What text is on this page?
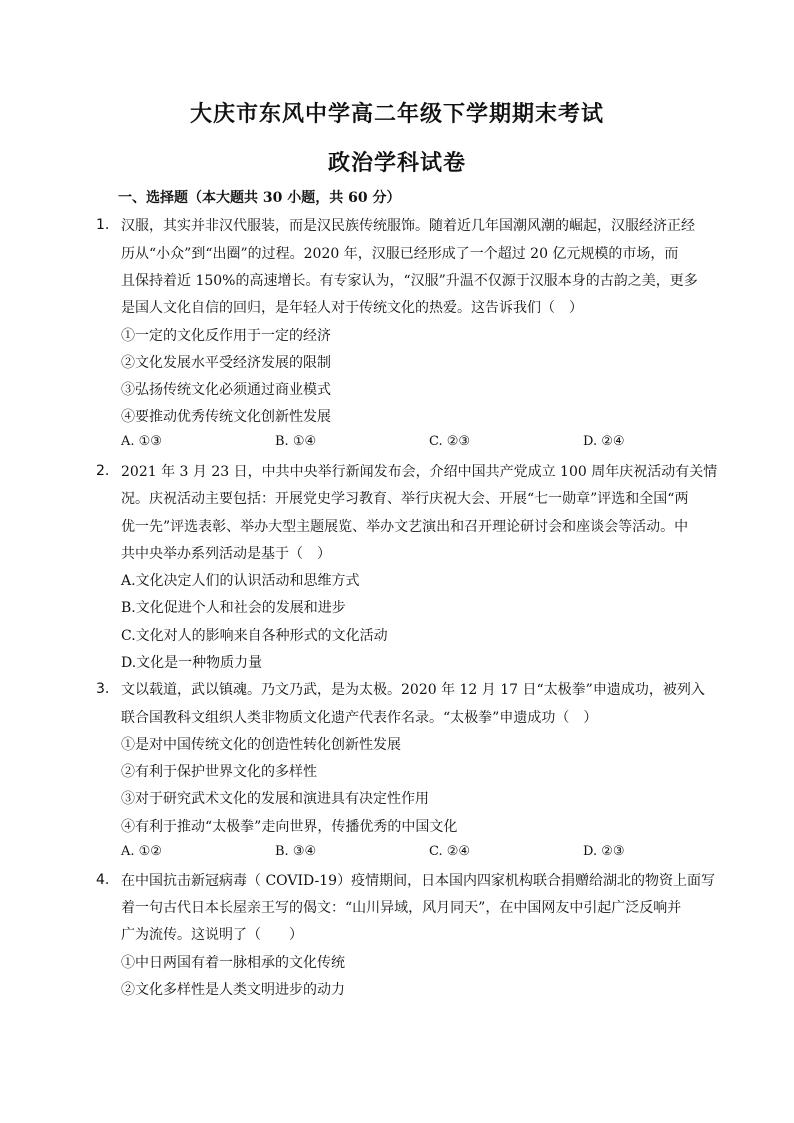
大庆市东风中学高二年级下学期期末考试
政治学科试卷
一、选择题（本大题共 30 小题，共 60 分）
1. 汉服，其实并非汉代服装，而是汉民族传统服饰。随着近几年国潮风潮的崛起，汉服经济正经
历从“小众”到“出圈”的过程。2020 年，汉服已经形成了一个超过 20 亿元规模的市场，而
且保持着近 150%的高速增长。有专家认为，“汉服”升温不仅源于汉服本身的古韵之美，更多
是国人文化自信的回归，是年轻人对于传统文化的热爱。这告诉我们（　）
①一定的文化反作用于一定的经济
②文化发展水平受经济发展的限制
③弘扬传统文化必须通过商业模式
④要推动优秀传统文化创新性发展
A. ①③	B. ①④	C. ②③	D. ②④
2. 2021 年 3 月 23 日，中共中央举行新闻发布会，介绍中国共产党成立 100 周年庆祝活动有关情
况。庆祝活动主要包括：开展党史学习教育、举行庆祝大会、开展“七一勋章”评选和全国“两
优一先”评选表彰、举办大型主题展览、举办文艺演出和召开理论研讨会和座谈会等活动。中
共中央举办系列活动是基于（　）
A.文化决定人们的认识活动和思维方式
B.文化促进个人和社会的发展和进步
C.文化对人的影响来自各种形式的文化活动
D.文化是一种物质力量
3. 文以载道，武以镇魂。乃文乃武，是为太极。2020 年 12 月 17 日“太极拳”申遗成功，被列入
联合国教科文组织人类非物质文化遗产代表作名录。“太极拳”申遗成功（　）
①是对中国传统文化的创造性转化创新性发展
②有利于保护世界文化的多样性
③对于研究武术文化的发展和演进具有决定性作用
④有利于推动“太极拳”走向世界，传播优秀的中国文化
A. ①②	B. ③④	C. ②④	D. ②③
4. 在中国抗击新冠病毒（ COVID-19）疫情期间，日本国内四家机构联合捐赠给湖北的物资上面写
着一句古代日本长屋亲王写的偈文：“山川异域，风月同天”，在中国网友中引起广泛反响并
广为流传。这说明了（　　）
①中日两国有着一脉相承的文化传统
②文化多样性是人类文明进步的动力
